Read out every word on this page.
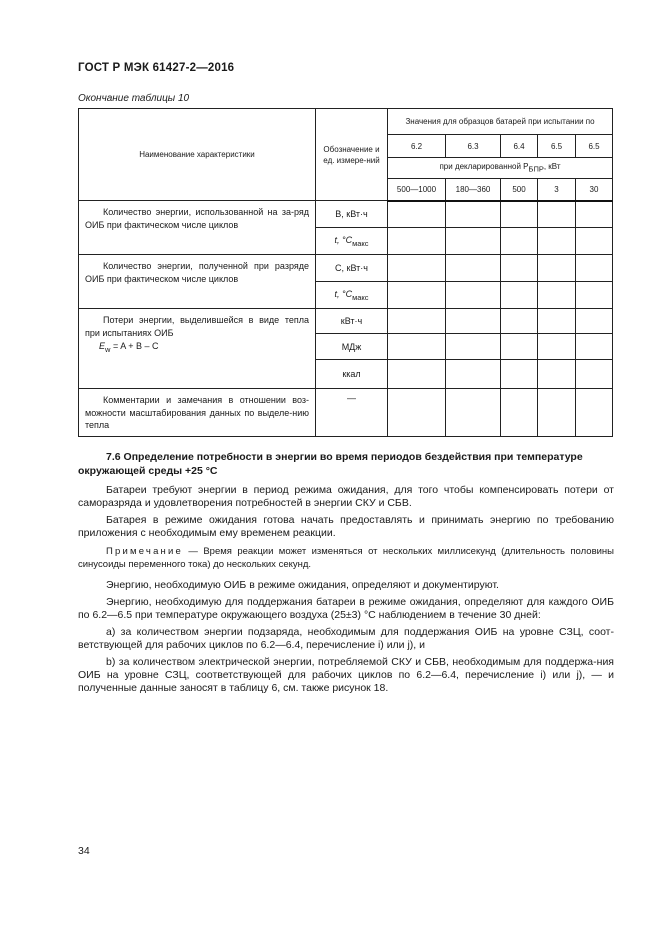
ГОСТ Р МЭК 61427-2—2016
Окончание таблицы 10
Наименование характеристики	Обозначение и ед. измере-ний	Значения для образцов батарей при испытании по				
		6.2	6.3	6.4	6.5	6.5
		при декларированной $P_{БПР}$, кВт				
		500—1000	180—360	500	3	30

Количество энергии, использованной на за-ряд ОИБ при фактическом числе циклов	В, кВт·ч					
	t, $^\circ C_{макс}$					

Количество энергии, полученной при разряде ОИБ при фактическом числе циклов	С, кВт·ч					
	t, $^\circ C_{макс}$					

Потери энергии, выделившейся в виде тепла при испытаниях ОИБ
$E_w = A + B - C$	кВт·ч					
	МДж					
	ккал					

Комментарии и замечания в отношении воз-можности масштабирования данных по выделе-нию тепла	—					
7.6 Определение потребности в энергии во время периодов бездействия при температуре окружающей среды +25 °C

Батареи требуют энергии в период режима ожидания, для того чтобы компенсировать потери от саморазряда и удовлетворения потребностей в энергии СКУ и СБВ.

Батарея в режиме ожидания готова начать предоставлять и принимать энергию по требованию приложения с необходимым ему временем реакции.

Примечание — Время реакции может изменяться от нескольких миллисекунд (длительность половины синусоиды переменного тока) до нескольких секунд.

Энергию, необходимую ОИБ в режиме ожидания, определяют и документируют.

Энергию, необходимую для поддержания батареи в режиме ожидания, определяют для каждого ОИБ по 6.2—6.5 при температуре окружающего воздуха (25±3) °C наблюдением в течение 30 дней:

a) за количеством энергии подзаряда, необходимым для поддержания ОИБ на уровне СЗЦ, соот-ветствующей для рабочих циклов по 6.2—6.4, перечисление i) или j), и

b) за количеством электрической энергии, потребляемой СКУ и СБВ, необходимым для поддержа-ния ОИБ на уровне СЗЦ, соответствующей для рабочих циклов по 6.2—6.4, перечисление i) или j), — и полученные данные заносят в таблицу 6, см. также рисунок 18.

34
